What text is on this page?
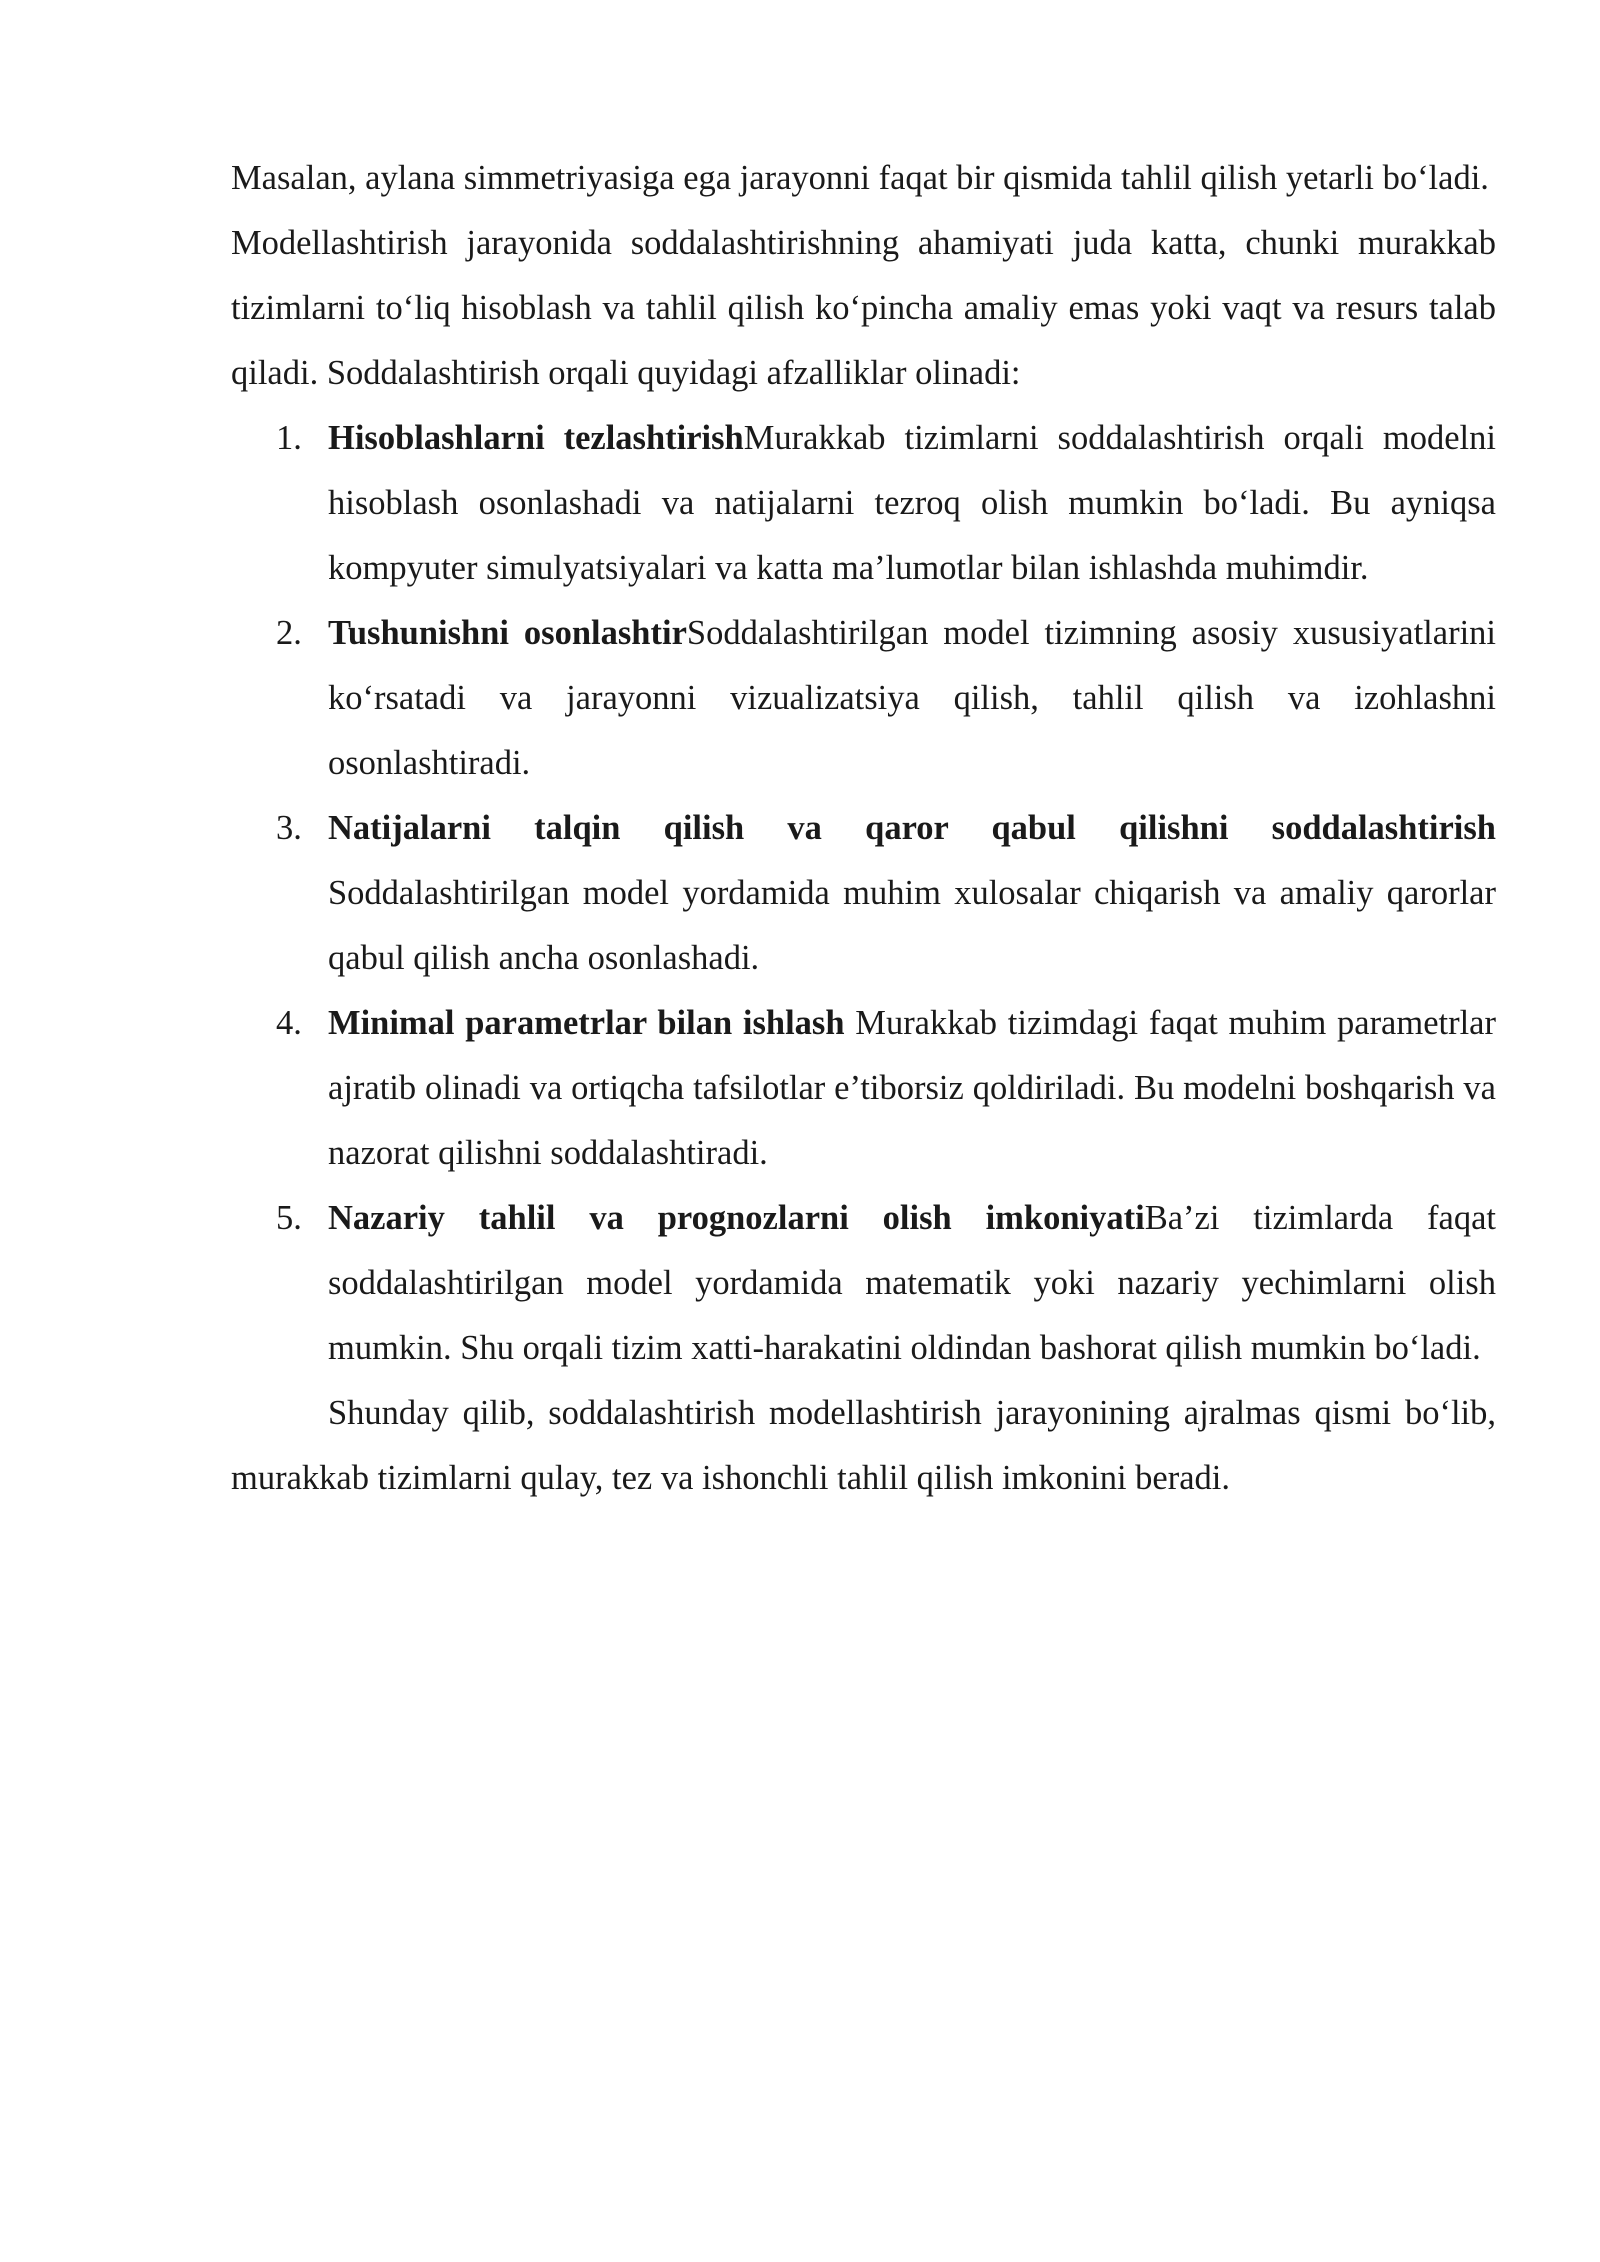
Masalan, aylana simmetriyasiga ega jarayonni faqat bir qismida tahlil qilish yetarli bo‘ladi.

Modellashtirish jarayonida soddalashtirishning ahamiyati juda katta, chunki murakkab tizimlarni to‘liq hisoblash va tahlil qilish ko‘pincha amaliy emas yoki vaqt va resurs talab qiladi. Soddalashtirish orqali quyidagi afzalliklar olinadi:

1. Hisoblashlarni tezlashtirishMurakkab tizimlarni soddalashtirish orqali modelni hisoblash osonlashadi va natijalarni tezroq olish mumkin bo‘ladi. Bu ayniqsa kompyuter simulyatsiyalari va katta ma’lumotlar bilan ishlashda muhimdir.
2. Tushunishni osonlashtirSoddalashtirilgan model tizimning asosiy xususiyatlarini ko‘rsatadi va jarayonni vizualizatsiya qilish, tahlil qilish va izohlashni osonlashtiradi.
3. Natijalarni talqin qilish va qaror qabul qilishni soddalashtirish Soddalashtirilgan model yordamida muhim xulosalar chiqarish va amaliy qarorlar qabul qilish ancha osonlashadi.
4. Minimal parametrlar bilan ishlash Murakkab tizimdagi faqat muhim parametrlar ajratib olinadi va ortiqcha tafsilotlar e’tiborsiz qoldiriladi. Bu modelni boshqarish va nazorat qilishni soddalashtiradi.
5. Nazariy tahlil va prognozlarni olish imkoniyatiBa’zi tizimlarda faqat soddalashtirilgan model yordamida matematik yoki nazariy yechimlarni olish mumkin. Shu orqali tizim xatti-harakatini oldindan bashorat qilish mumkin bo‘ladi.

Shunday qilib, soddalashtirish modellashtirish jarayonining ajralmas qismi bo‘lib, murakkab tizimlarni qulay, tez va ishonchli tahlil qilish imkonini beradi.
